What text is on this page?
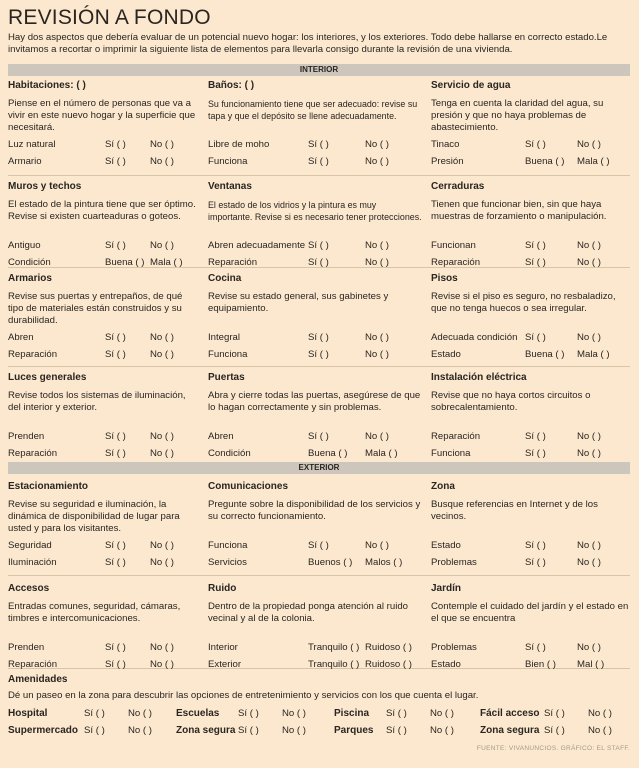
REVISIÓN A FONDO

Hay dos aspectos que debería evaluar de un potencial nuevo hogar: los interiores, y los exteriores. Todo debe hallarse en correcto estado.Le invitamos a recortar o imprimir la siguiente lista de elementos para llevarla consigo durante la revisión de una vivienda.

INTERIOR
EXTERIOR
Habitaciones: ( )
Piense en el número de personas que va a vivir en este nuevo hogar y la superficie que necesitará.
Luz natural	Sí ( )	No ( )
Armario	Sí ( )	No ( )
Baños: ( )
Su funcionamiento tiene que ser adecuado: revise su tapa y que el depósito se llene adecuadamente.
Libre de moho	Sí ( )	No ( )
Funciona	Sí ( )	No ( )
Servicio de agua
Tenga en cuenta la claridad del agua, su presión y que no haya problemas de abastecimiento.
Tinaco	Sí ( )	No ( )
Presión	Buena ( ) Mala ( )
Muros y techos
El estado de la pintura tiene que ser óptimo. Revise si existen cuarteaduras o goteos.
Antiguo	Sí ( )	No ( )
Condición	Buena ( ) Mala ( )
Ventanas
El estado de los vidrios y la pintura es muy importante. Revise si es necesario tener protecciones.
Abren adecuadamente Sí ( )	No ( )
Reparación	Sí ( )	No ( )
Cerraduras
Tienen que funcionar bien, sin que haya muestras de forzamiento o manipulación.
Funcionan	Sí ( )	No ( )
Reparación	Sí ( )	No ( )
Armarios
Revise sus puertas y entrepaños, de qué tipo de materiales están construidos y su durabilidad.
Abren	Sí ( )	No ( )
Reparación	Sí ( )	No ( )
Cocina
Revise su estado general, sus gabinetes y equipamiento.
Integral	Sí ( )	No ( )
Funciona	Sí ( )	No ( )
Pisos
Revise si el piso es seguro, no resbaladizo, que no tenga huecos o sea irregular.
Adecuada condición Sí ( )	No ( )
Estado	Buena ( ) Mala ( )
Luces generales
Revise todos los sistemas de iluminación, del interior y exterior.
Prenden	Sí ( )	No ( )
Reparación	Sí ( )	No ( )
Puertas
Abra y cierre todas las puertas, asegúrese de que lo hagan correctamente y sin problemas.
Abren	Sí ( )	No ( )
Condición	Buena ( ) Mala ( )
Instalación eléctrica
Revise que no haya cortos circuitos o sobrecalentamiento.
Reparación	Sí ( )	No ( )
Funciona	Sí ( )	No ( )
Estacionamiento
Revise su seguridad e iluminación, la dinámica de disponibilidad de lugar para usted y para los visitantes.
Seguridad	Sí ( )	No ( )
Iluminación	Sí ( )	No ( )
Comunicaciones
Pregunte sobre la disponibilidad de los servicios y su correcto funcionamiento.
Funciona	Sí ( )	No ( )
Servicios	Buenos ( ) Malos ( )
Zona
Busque referencias en Internet y de los vecinos.
Estado	Sí ( )	No ( )
Problemas	Sí ( )	No ( )
Accesos
Entradas comunes, seguridad, cámaras, timbres e intercomunicaciones.
Prenden	Sí ( )	No ( )
Reparación	Sí ( )	No ( )
Ruido
Dentro de la propiedad ponga atención al ruido vecinal y al de la colonia.
Interior	Tranquilo ( ) Ruidoso ( )
Exterior	Tranquilo ( ) Ruidoso ( )
Jardín
Contemple el cuidado del jardín y el estado en el que se encuentra
Problemas	Sí ( )	No ( )
Estado	Bien ( ) Mal ( )
Amenidades
Dé un paseo en la zona para descubrir las opciones de entretenimiento y servicios con los que cuenta el lugar.
Hospital	Sí ( ) No ( ) Escuelas Sí ( ) No ( )	Piscina Sí ( ) No ( )	Fácil acceso Sí ( ) No ( )
Supermercado Sí ( ) No ( ) Zona segura Sí ( ) No ( )	Parques Sí ( ) No ( )	Zona segura Sí ( ) No ( )
FUENTE: VIVANUNCIOS. GRÁFICO: EL STAFF.
